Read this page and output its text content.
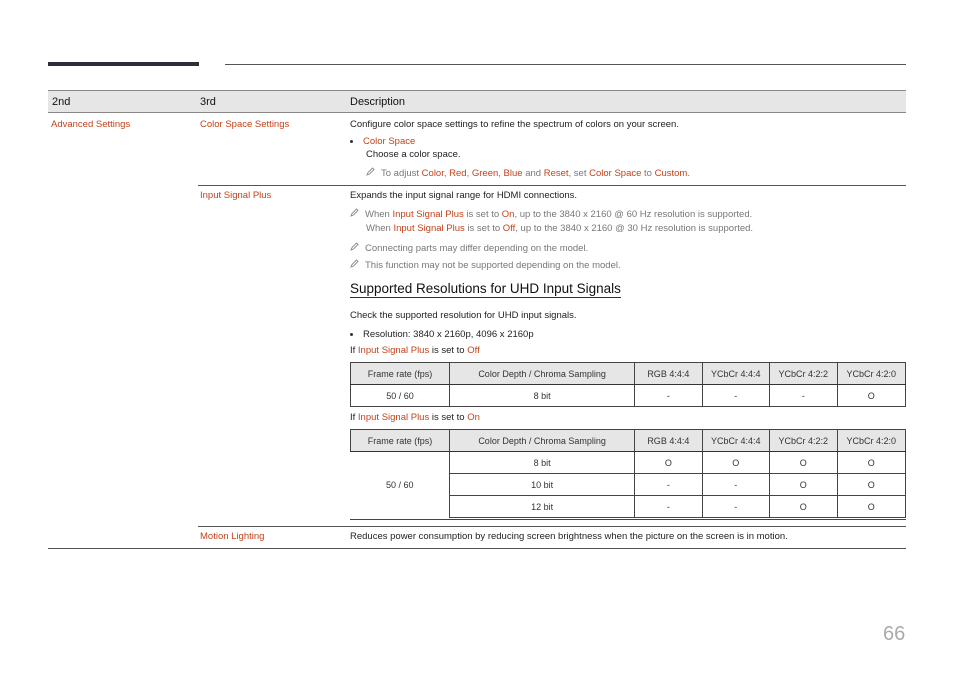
2nd	3rd	Description
Advanced Settings	Color Space Settings	Configure color space settings to refine the spectrum of colors on your screen.
Color Space
Choose a color space.
To adjust Color, Red, Green, Blue and Reset, set Color Space to Custom.
Input Signal Plus	Expands the input signal range for HDMI connections.
When Input Signal Plus is set to On, up to the 3840 x 2160 @ 60 Hz resolution is supported.
When Input Signal Plus is set to Off, up to the 3840 x 2160 @ 30 Hz resolution is supported.
Connecting parts may differ depending on the model.
This function may not be supported depending on the model.
Supported Resolutions for UHD Input Signals
Check the supported resolution for UHD input signals.
Resolution: 3840 x 2160p, 4096 x 2160p
If Input Signal Plus is set to Off
Frame rate (fps)	Color Depth / Chroma Sampling	RGB 4:4:4	YCbCr 4:4:4	YCbCr 4:2:2	YCbCr 4:2:0
50 / 60	8 bit	-	-	-	O
If Input Signal Plus is set to On
Frame rate (fps)	Color Depth / Chroma Sampling	RGB 4:4:4	YCbCr 4:4:4	YCbCr 4:2:2	YCbCr 4:2:0
50 / 60	8 bit	O	O	O	O
	10 bit	-	-	O	O
	12 bit	-	-	O	O
Motion Lighting	Reduces power consumption by reducing screen brightness when the picture on the screen is in motion.
66
